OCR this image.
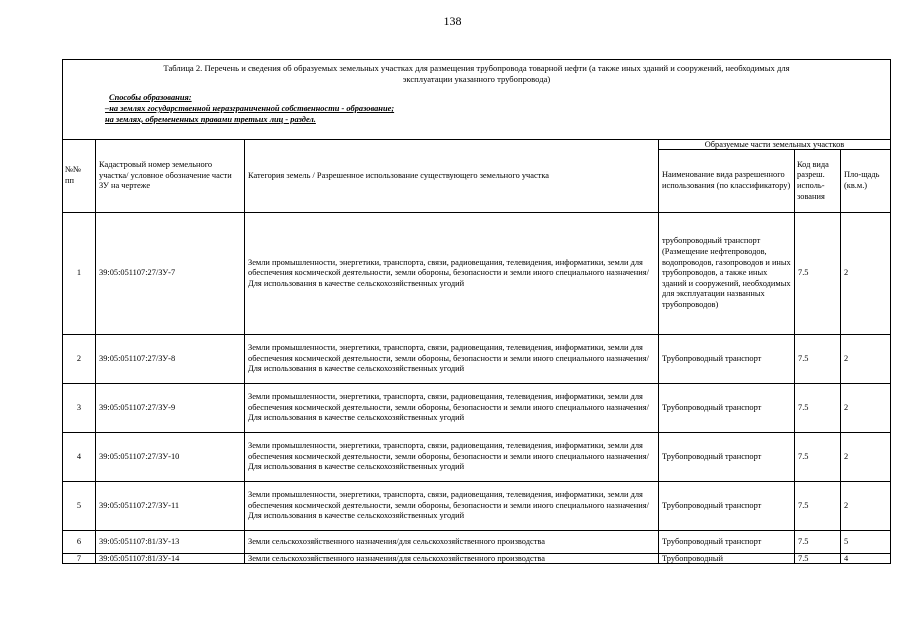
138
Таблица 2. Перечень и сведения об образуемых земельных участках для размещения трубопровода товарной нефти (а также иных зданий и сооружений, необходимых для
эксплуатации указанного трубопровода)
Способы образования:
–на землях государственной неразграниченной собственности - образование;
на землях, обремененных правами третьих лиц - раздел.					

№№ пп	Кадастровый номер земельного участка/ условное обозначение части ЗУ на чертеже	Категория земель / Разрешенное использование существующего земельного участка	Образуемые части земельных участков		
			Наименование вида разрешенного использования (по классификатору)	Код вида разреш. исполь-зования	Пло-щадь (кв.м.)
1	39:05:051107:27/ЗУ-7	Земли промышленности, энергетики, транспорта, связи, радиовещания, телевидения, информатики, земли для обеспечения космической деятельности, земли обороны, безопасности и земли иного специального назначения/Для использования в качестве сельскохозяйственных угодий	трубопроводный транспорт (Размещение нефтепроводов, водопроводов, газопроводов и иных трубопроводов, а также иных зданий и сооружений, необходимых для эксплуатации названных трубопроводов)	7.5	2
2	39:05:051107:27/ЗУ-8	Земли промышленности, энергетики, транспорта, связи, радиовещания, телевидения, информатики, земли для обеспечения космической деятельности, земли обороны, безопасности и земли иного специального назначения/Для использования в качестве сельскохозяйственных угодий	Трубопроводный транспорт	7.5	2
3	39:05:051107:27/ЗУ-9	Земли промышленности, энергетики, транспорта, связи, радиовещания, телевидения, информатики, земли для обеспечения космической деятельности, земли обороны, безопасности и земли иного специального назначения/Для использования в качестве сельскохозяйственных угодий	Трубопроводный транспорт	7.5	2
4	39:05:051107:27/ЗУ-10	Земли промышленности, энергетики, транспорта, связи, радиовещания, телевидения, информатики, земли для обеспечения космической деятельности, земли обороны, безопасности и земли иного специального назначения/Для использования в качестве сельскохозяйственных угодий	Трубопроводный транспорт	7.5	2
5	39:05:051107:27/ЗУ-11	Земли промышленности, энергетики, транспорта, связи, радиовещания, телевидения, информатики, земли для обеспечения космической деятельности, земли обороны, безопасности и земли иного специального назначения/Для использования в качестве сельскохозяйственных угодий	Трубопроводный транспорт	7.5	2
6	39:05:051107:81/ЗУ-13	Земли сельскохозяйственного назначения/для сельскохозяйственного производства	Трубопроводный транспорт	7.5	5
7	39:05:051107:81/ЗУ-14	Земли сельскохозяйственного назначения/для сельскохозяйственного производства	Трубопроводный	7.5	4
